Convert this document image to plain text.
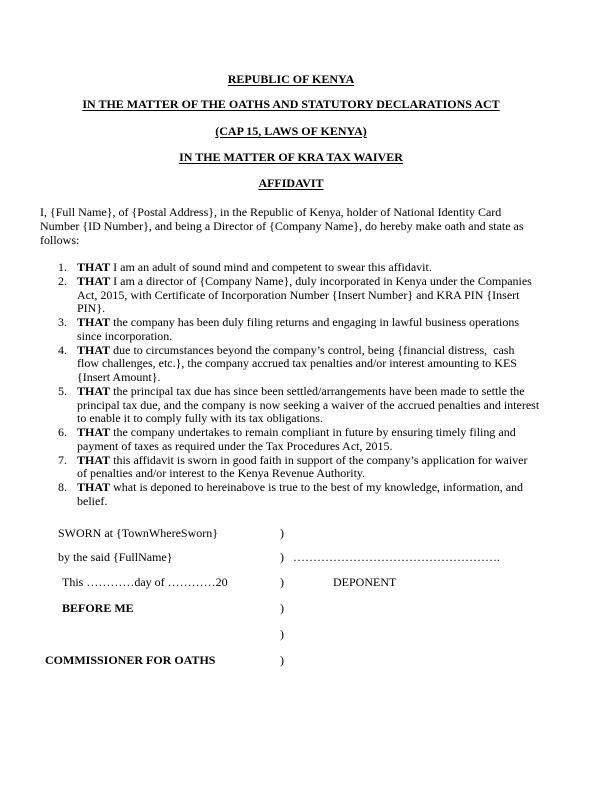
REPUBLIC OF KENYA
IN THE MATTER OF THE OATHS AND STATUTORY DECLARATIONS ACT
(CAP 15, LAWS OF KENYA)
IN THE MATTER OF KRA TAX WAIVER
AFFIDAVIT
I, {Full Name}, of {Postal Address}, in the Republic of Kenya, holder of National Identity Card
Number {ID Number}, and being a Director of {Company Name}, do hereby make oath and state as
follows:
1. THAT I am an adult of sound mind and competent to swear this affidavit.
2. THAT I am a director of {Company Name}, duly incorporated in Kenya under the Companies
Act, 2015, with Certificate of Incorporation Number {Insert Number} and KRA PIN {Insert
PIN}.
3. THAT the company has been duly filing returns and engaging in lawful business operations
since incorporation.
4. THAT due to circumstances beyond the company’s control, being {financial distress,  cash
flow challenges, etc.}, the company accrued tax penalties and/or interest amounting to KES
{Insert Amount}.
5. THAT the principal tax due has since been settled/arrangements have been made to settle the
principal tax due, and the company is now seeking a waiver of the accrued penalties and interest
to enable it to comply fully with its tax obligations.
6. THAT the company undertakes to remain compliant in future by ensuring timely filing and
payment of taxes as required under the Tax Procedures Act, 2015.
7. THAT this affidavit is sworn in good faith in support of the company’s application for waiver
of penalties and/or interest to the Kenya Revenue Authority.
8. THAT what is deponed to hereinabove is true to the best of my knowledge, information, and
belief.
SWORN at {TownWhereSworn}	)
by the said {FullName}	) …………………………………………….
This …………day of …………20	)	DEPONENT
BEFORE ME	)
)
COMMISSIONER FOR OATHS	)
